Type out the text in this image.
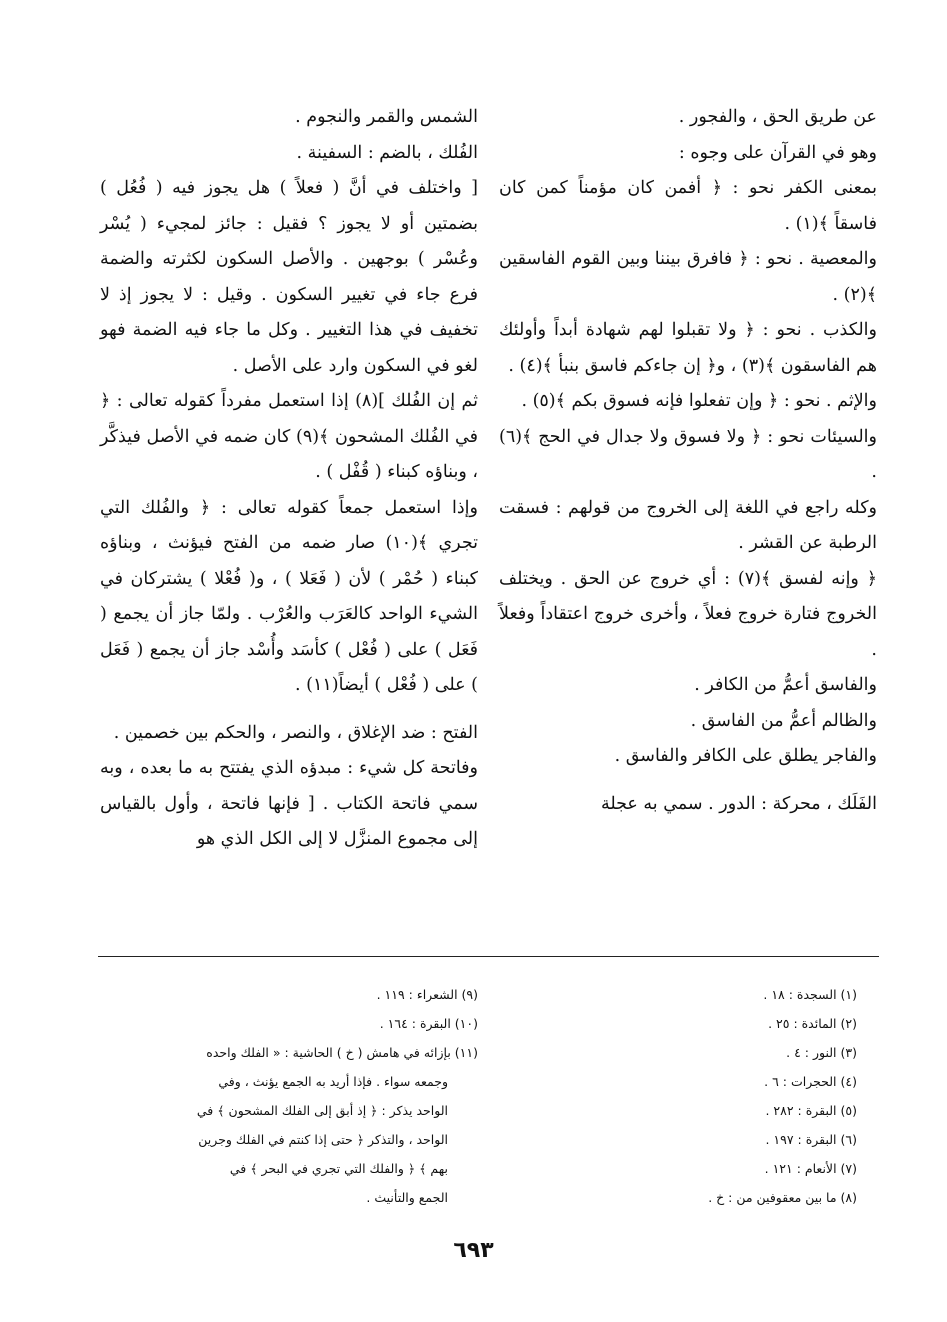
عن طريق الحق ، والفجور .

وهو في القرآن على وجوه :

بمعنى الكفر نحو : ﴿ أفمن كان مؤمناً كمن كان فاسقاً ﴾(١) .

والمعصية . نحو : ﴿ فافرق بيننا وبين القوم الفاسقين ﴾(٢) .

والكذب . نحو : ﴿ ولا تقبلوا لهم شهادة أبداً وأولئك هم الفاسقون ﴾(٣) ، و﴿ إن جاءكم فاسق بنبأ ﴾(٤) .

والإثم . نحو : ﴿ وإن تفعلوا فإنه فسوق بكم ﴾(٥) .

والسيئات نحو : ﴿ ولا فسوق ولا جدال في الحج ﴾(٦) .

وكله راجع في اللغة إلى الخروج من قولهم : فسقت الرطبة عن القشر .

﴿ وإنه لفسق ﴾(٧) : أي خروج عن الحق . ويختلف الخروج فتارة خروج فعلاً ، وأخرى خروج اعتقاداً وفعلاً .

والفاسق أعمُّ من الكافر .

والظالم أعمُّ من الفاسق .

والفاجر يطلق على الكافر والفاسق .

الفَلَك ، محركة : الدور . سمي به عجلة

الشمس والقمر والنجوم .

الفُلك ، بالضم : السفينة .

[ واختلف في أنَّ ( فعلاً ) هل يجوز فيه ( فُعُل ) بضمتين أو لا يجوز ؟ فقيل : جائز لمجيء ( يُسْر وعُسْر ) بوجهين . والأصل السكون لكثرته والضمة فرع جاء في تغيير السكون . وقيل : لا يجوز إذ لا تخفيف في هذا التغيير . وكل ما جاء فيه الضمة فهو لغو في السكون وارد على الأصل .

ثم إن الفُلك ](٨) إذا استعمل مفرداً كقوله تعالى : ﴿ في الفُلك المشحون ﴾(٩) كان ضمه في الأصل فيذكَّر ، وبناؤه كبناء ( قُفْل ) .

وإذا استعمل جمعاً كقوله تعالى : ﴿ والفُلك التي تجري ﴾(١٠) صار ضمه من الفتح فيؤنث ، وبناؤه كبناء ( حُمْر ) لأن ( فَعَلا ) ، و( فُعْلا ) يشتركان في الشيء الواحد كالعَرَب والعُرْب . ولمّا جاز أن يجمع ( فَعَل ) على ( فُعْل ) كأسَد وأُسْد جاز أن يجمع ( فَعَل ) على ( فُعْل ) أيضاً(١١) .

الفتح : ضد الإغلاق ، والنصر ، والحكم بين خصمين .

وفاتحة كل شيء : مبدؤه الذي يفتتح به ما بعده ، وبه سمي فاتحة الكتاب . [ فإنها فاتحة ، وأول بالقياس إلى مجموع المنزَّل لا إلى الكل الذي هو

(١) السجدة : ١٨ .
(٢) المائدة : ٢٥ .
(٣) النور : ٤ .
(٤) الحجرات : ٦ .
(٥) البقرة : ٢٨٢ .
(٦) البقرة : ١٩٧ .
(٧) الأنعام : ١٢١ .
(٨) ما بين معقوفين من : خ .
(٩) الشعراء : ١١٩ .
(١٠) البقرة : ١٦٤ .
(١١) بإزائه في هامش ( خ ) الحاشية : « الفلك واحده
وجمعه سواء . فإذا أريد به الجمع يؤنث ، وفي
الواحد يذكر : ﴿ إذ أبق إلى الفلك المشحون ﴾ في
الواحد ، والتذكر ﴿ حتى إذا كنتم في الفلك وجرين
بهم ﴾ ﴿ والفلك التي تجري في البحر ﴾ في
الجمع والتأنيث .
٦٩٣
